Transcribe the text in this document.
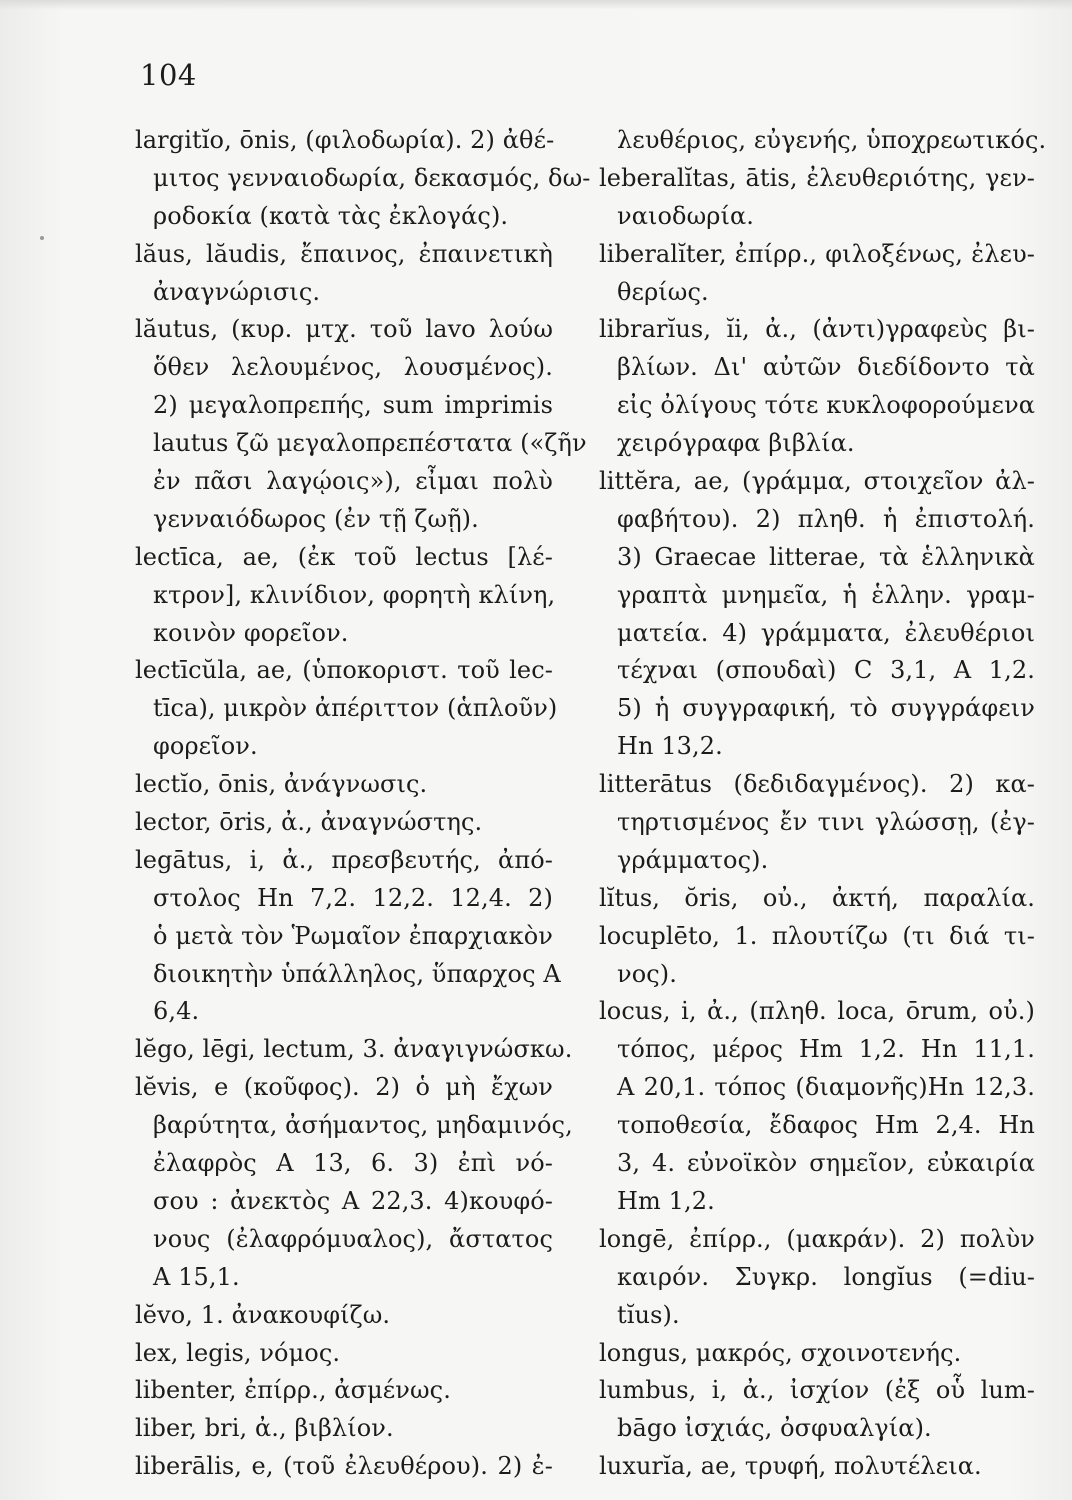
104
largitĭo, ōnis, (φιλοδωρία). 2) ἀθέ-
μιτος γενναιοδωρία, δεκασμός, δω-
ροδοκία (κατὰ τὰς ἐκλογάς).
lăus, lăudis, ἔπαινος, ἐπαινετικὴ
ἀναγνώρισις.
lăutus, (κυρ. μτχ. τοῦ lavo λούω
ὅθεν λελουμένος, λουσμένος).
2) μεγαλοπρεπής, sum imprimis
lautus ζῶ μεγαλοπρεπέστατα («ζῆν
ἐν πᾶσι λαγῴοις»), εἶμαι πολὺ
γενναιόδωρος (ἐν τῇ ζωῇ).
lectīca, ae, (ἐκ τοῦ lectus [λέ-
κτρον], κλινίδιον, φορητὴ κλίνη,
κοινὸν φορεῖον.
lectīcŭla, ae, (ὑποκοριστ. τοῦ lec-
tīca), μικρὸν ἀπέριττον (ἁπλοῦν)
φορεῖον.
lectĭo, ōnis, ἀνάγνωσις.
lector, ōris, ἀ., ἀναγνώστης.
legātus, i, ἀ., πρεσβευτής, ἀπό-
στολος Hn 7,2. 12,2. 12,4. 2)
ὁ μετὰ τὸν Ῥωμαῖον ἐπαρχιακὸν
διοικητὴν ὑπάλληλος, ὕπαρχος A
6,4.
lĕgo, lēgi, lectum, 3. ἀναγιγνώσκω.
lĕvis, e (κοῦφος). 2) ὁ μὴ ἔχων
βαρύτητα, ἀσήμαντος, μηδαμινός,
ἐλαφρὸς A 13, 6. 3) ἐπὶ νό-
σου : ἀνεκτὸς A 22,3. 4)κουφό-
νους (ἐλαφρόμυαλος), ἄστατος
A 15,1.
lĕvo, 1. ἀνακουφίζω.
lex, legis, νόμος.
libenter, ἐπίρρ., ἀσμένως.
liber, bri, ἀ., βιβλίον.
liberālis, e, (τοῦ ἐλευθέρου). 2) ἐ-
λευθέριος, εὐγενής, ὑποχρεωτικός.
leberalĭtas, ātis, ἐλευθεριότης, γεν-
ναιοδωρία.
liberalĭter, ἐπίρρ., φιλοξένως, ἐλευ-
θερίως.
librarĭus, ĭi, ἀ., (ἀντι)γραφεὺς βι-
βλίων. Δι' αὐτῶν διεδίδοντο τὰ
εἰς ὀλίγους τότε κυκλοφορούμενα
χειρόγραφα βιβλία.
littĕra, ae, (γράμμα, στοιχεῖον ἀλ-
φαβήτου). 2) πληθ. ἡ ἐπιστολή.
3) Graecae litterae, τὰ ἑλληνικὰ
γραπτὰ μνημεῖα, ἡ ἑλλην. γραμ-
ματεία. 4) γράμματα, ἐλευθέριοι
τέχναι (σπουδαὶ) C 3,1, A 1,2.
5) ἡ συγγραφική, τὸ συγγράφειν
Hn 13,2.
litterātus (δεδιδαγμένος). 2) κα-
τηρτισμένος ἔν τινι γλώσσῃ, (ἐγ-
γράμματος).
lĭtus, ŏris, οὐ., ἀκτή, παραλία.
locuplēto, 1. πλουτίζω (τι διά τι-
νος).
locus, i, ἀ., (πληθ. loca, ōrum, οὐ.)
τόπος, μέρος Hm 1,2. Hn 11,1.
A 20,1. τόπος (διαμονῆς)Hn 12,3.
τοποθεσία, ἔδαφος Hm 2,4. Hn
3, 4. εὐνοϊκὸν σημεῖον, εὐκαιρία
Hm 1,2.
longē, ἐπίρρ., (μακράν). 2) πολὺν
καιρόν. Συγκρ. longĭus (=diu-
tĭus).
longus, μακρός, σχοινοτενής.
lumbus, i, ἀ., ἰσχίον (ἐξ οὗ lum-
bāgo ἰσχιάς, ὀσφυαλγία).
luxurĭa, ae, τρυφή, πολυτέλεια.
